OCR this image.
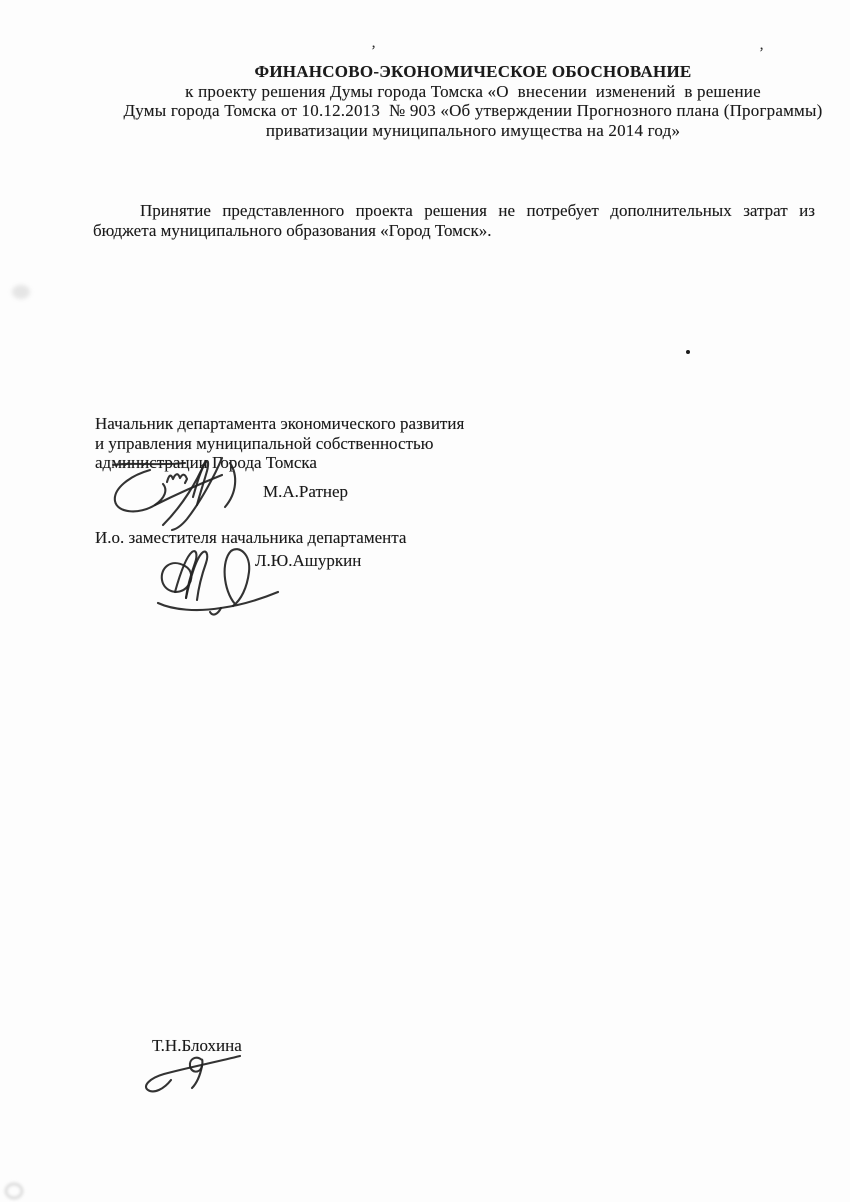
’	’
ФИНАНСОВО-ЭКОНОМИЧЕСКОЕ ОБОСНОВАНИЕ
к проекту решения Думы города Томска «О  внесении  изменений  в решение
Думы города Томска от 10.12.2013  № 903 «Об утверждении Прогнозного плана (Программы)
приватизации муниципального имущества на 2014 год»
Принятие представленного проекта решения не потребует дополнительных затрат из
бюджета муниципального образования «Город Томск».
Начальник департамента экономического развития
и управления муниципальной собственностью
администрации Города Томска
М.А.Ратнер
И.о. заместителя начальника департамента
Л.Ю.Ашуркин
Т.Н.Блохина
